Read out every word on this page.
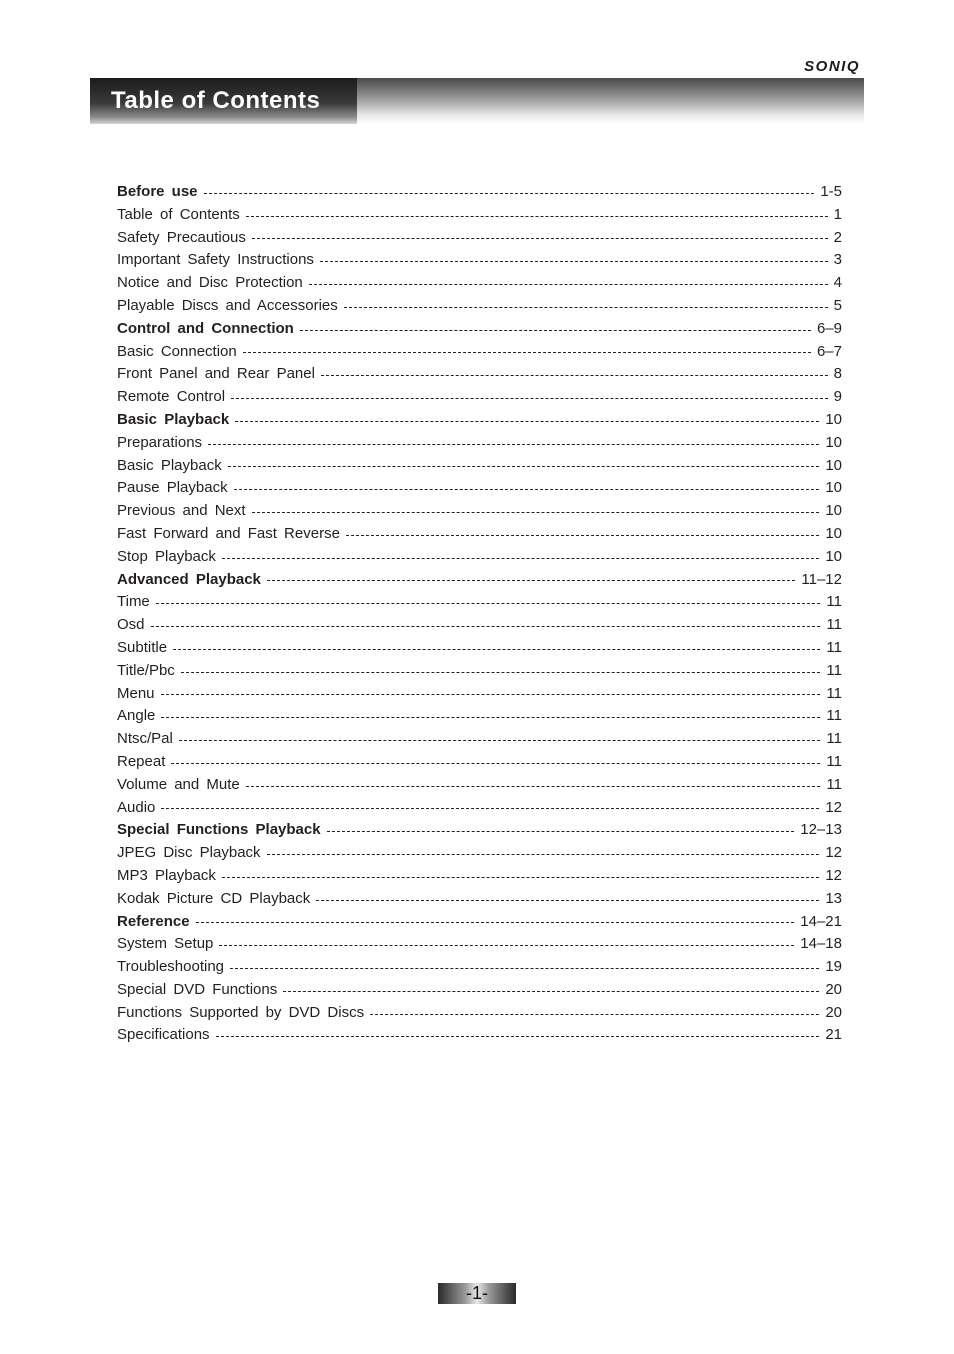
SONIQ
Table of Contents
Before use	1-5
Table of Contents	1
Safety Precautious	2
Important Safety Instructions	3
Notice and Disc Protection	4
Playable Discs and Accessories	5
Control and Connection	6–9
Basic Connection	6–7
Front Panel and Rear Panel	8
Remote Control	9
Basic Playback	10
Preparations	10
Basic Playback	10
Pause Playback	10
Previous and Next	10
Fast Forward and Fast Reverse	10
Stop Playback	10
Advanced Playback	11–12
Time	11
Osd	11
Subtitle	11
Title/Pbc	11
Menu	11
Angle	11
Ntsc/Pal	11
Repeat	11
Volume and Mute	11
Audio	12
Special Functions Playback	12–13
JPEG Disc Playback	12
MP3 Playback	12
Kodak Picture CD Playback	13
Reference	14–21
System Setup	14–18
Troubleshooting	19
Special DVD Functions	20
Functions Supported by DVD Discs	20
Specifications	21
-1-
